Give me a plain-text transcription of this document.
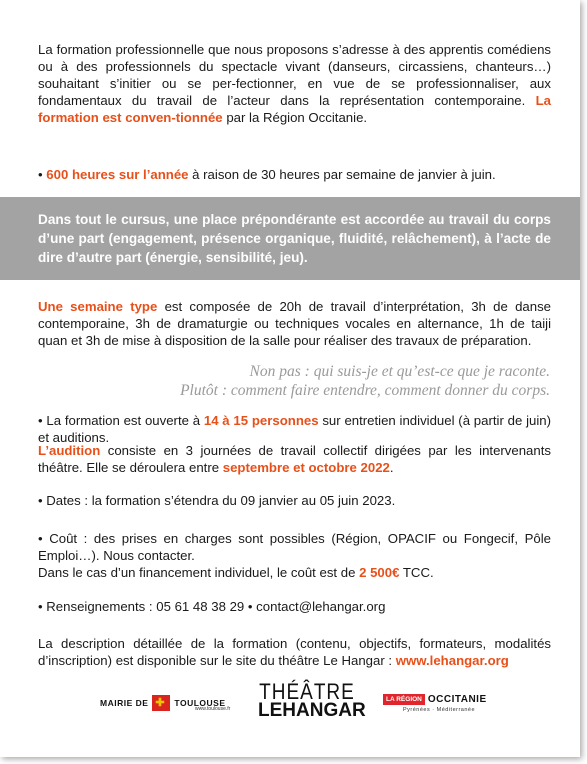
La formation professionnelle que nous proposons s’adresse à des apprentis comédiens ou à des professionnels du spectacle vivant (danseurs, circassiens, chanteurs…) souhaitant s’initier ou se per-fectionner, en vue de se professionnaliser, aux fondamentaux du travail de l’acteur dans la représentation contemporaine. La formation est conven-tionnée par la Région Occitanie.
• 600 heures sur l’année à raison de 30 heures par semaine de janvier à juin.
Dans tout le cursus, une place prépondérante est accordée au travail du corps d’une part (engagement, présence organique, fluidité, relâchement), à l’acte de dire d’autre part (énergie, sensibilité, jeu).
Une semaine type est composée de 20h de travail d’interprétation, 3h de danse contemporaine, 3h de dramaturgie ou techniques vocales en alternance, 1h de taiji quan et 3h de mise à disposition de la salle pour réaliser des travaux de préparation.
Non pas : qui suis-je et qu’est-ce que je raconte.
Plutôt : comment faire entendre, comment donner du corps.
• La formation est ouverte à 14 à 15 personnes sur entretien individuel (à partir de juin) et auditions.
L’audition consiste en 3 journées de travail collectif dirigées par les intervenants théâtre. Elle se déroulera entre septembre et octobre 2022.
• Dates : la formation s’étendra du 09 janvier au 05 juin 2023.
• Coût : des prises en charges sont possibles (Région, OPACIF ou Fongecif, Pôle Emploi…). Nous contacter.
Dans le cas d’un financement individuel, le coût est de 2 500€ TCC.
• Renseignements : 05 61 48 38 29 • contact@lehangar.org
La description détaillée de la formation (contenu, objectifs, formateurs, modalités d’inscription) est disponible sur le site du théâtre Le Hangar : www.lehangar.org
MAIRIE DE
✚	TOULOUSE
www.toulouse.fr
THÉÂTRE
LEHANGAR
LA RÉGION OCCITANIE
Pyrénées · Méditerranée
